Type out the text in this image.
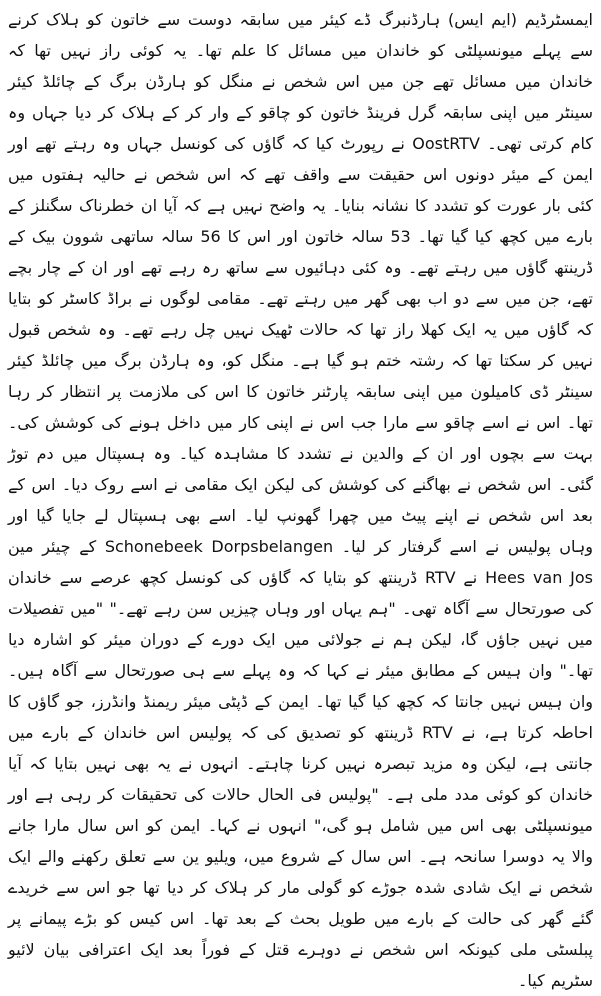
ایمسٹرڈیم (ایم ایس) ہارڈنبرگ ڈے کیئر میں سابقہ دوست سے خاتون کو ہلاک کرنے سے پہلے میونسپلٹی کو خاندان میں مسائل کا علم تھا۔ یہ کوئی راز نہیں تھا کہ خاندان میں مسائل تھے جن میں اس شخص نے منگل کو ہارڈن برگ کے چائلڈ کیئر سینٹر میں اپنی سابقہ گرل فرینڈ خاتون کو چاقو کے وار کر کے ہلاک کر دیا جہاں وہ کام کرتی تھی۔ OostRTV نے رپورٹ کیا کہ گاؤں کی کونسل جہاں وہ رہتے تھے اور ایمن کے میئر دونوں اس حقیقت سے واقف تھے کہ اس شخص نے حالیہ ہفتوں میں کئی بار عورت کو تشدد کا نشانہ بنایا۔ یہ واضح نہیں ہے کہ آیا ان خطرناک سگنلز کے بارے میں کچھ کیا گیا تھا۔ 53 سالہ خاتون اور اس کا 56 سالہ ساتھی شوون بیک کے ڈرینتھ گاؤں میں رہتے تھے۔ وہ کئی دہائیوں سے ساتھ رہ رہے تھے اور ان کے چار بچے تھے، جن میں سے دو اب بھی گھر میں رہتے تھے۔ مقامی لوگوں نے براڈ کاسٹر کو بتایا کہ گاؤں میں یہ ایک کھلا راز تھا کہ حالات ٹھیک نہیں چل رہے تھے۔ وہ شخص قبول نہیں کر سکتا تھا کہ رشتہ ختم ہو گیا ہے۔ منگل کو، وہ ہارڈن برگ میں چائلڈ کیئر سینٹر ڈی کامیلون میں اپنی سابقہ پارٹنر خاتون کا اس کی ملازمت پر انتظار کر رہا تھا۔ اس نے اسے چاقو سے مارا جب اس نے اپنی کار میں داخل ہونے کی کوشش کی۔ بہت سے بچوں اور ان کے والدین نے تشدد کا مشاہدہ کیا۔ وہ ہسپتال میں دم توڑ گئی۔ اس شخص نے بھاگنے کی کوشش کی لیکن ایک مقامی نے اسے روک دیا۔ اس کے بعد اس شخص نے اپنے پیٹ میں چھرا گھونپ لیا۔ اسے بھی ہسپتال لے جایا گیا اور وہاں پولیس نے اسے گرفتار کر لیا۔ Schonebeek Dorpsbelangen کے چیئر مین Hees van Jos نے RTV ڈرینتھ کو بتایا کہ گاؤں کی کونسل کچھ عرصے سے خاندان کی صورتحال سے آگاہ تھی۔ "ہم یہاں اور وہاں چیزیں سن رہے تھے۔" "میں تفصیلات میں نہیں جاؤں گا، لیکن ہم نے جولائی میں ایک دورے کے دوران میئر کو اشارہ دیا تھا۔" وان ہیس کے مطابق میئر نے کہا کہ وہ پہلے سے ہی صورتحال سے آگاہ ہیں۔ وان ہیس نہیں جانتا کہ کچھ کیا گیا تھا۔ ایمن کے ڈپٹی میئر ریمنڈ وانڈرز، جو گاؤں کا احاطہ کرتا ہے، نے RTV ڈرینتھ کو تصدیق کی کہ پولیس اس خاندان کے بارے میں جانتی ہے، لیکن وہ مزید تبصرہ نہیں کرنا چاہتے۔ انہوں نے یہ بھی نہیں بتایا کہ آیا خاندان کو کوئی مدد ملی ہے۔ "پولیس فی الحال حالات کی تحقیقات کر رہی ہے اور میونسپلٹی بھی اس میں شامل ہو گی،" انہوں نے کہا۔ ایمن کو اس سال مارا جانے والا یہ دوسرا سانحہ ہے۔ اس سال کے شروع میں، ویلیو ین سے تعلق رکھنے والے ایک شخص نے ایک شادی شدہ جوڑے کو گولی مار کر ہلاک کر دیا تھا جو اس سے خریدے گئے گھر کی حالت کے بارے میں طویل بحث کے بعد تھا۔ اس کیس کو بڑے پیمانے پر پبلسٹی ملی کیونکہ اس شخص نے دوہرے قتل کے فوراً بعد ایک اعترافی بیان لائیو سٹریم کیا۔
